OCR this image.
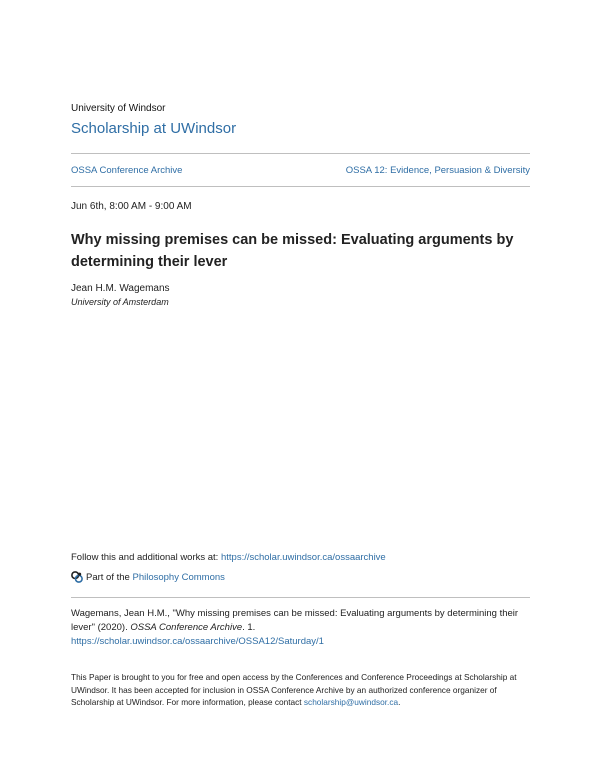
University of Windsor
Scholarship at UWindsor
OSSA Conference Archive	OSSA 12: Evidence, Persuasion & Diversity
Jun 6th, 8:00 AM - 9:00 AM
Why missing premises can be missed: Evaluating arguments by determining their lever
Jean H.M. Wagemans
University of Amsterdam
Follow this and additional works at: https://scholar.uwindsor.ca/ossaarchive
Part of the
Philosophy Commons
Wagemans, Jean H.M., "Why missing premises can be missed: Evaluating arguments by determining their lever" (2020). OSSA Conference Archive. 1.
https://scholar.uwindsor.ca/ossaarchive/OSSA12/Saturday/1
This Paper is brought to you for free and open access by the Conferences and Conference Proceedings at Scholarship at UWindsor. It has been accepted for inclusion in OSSA Conference Archive by an authorized conference organizer of Scholarship at UWindsor. For more information, please contact scholarship@uwindsor.ca.
